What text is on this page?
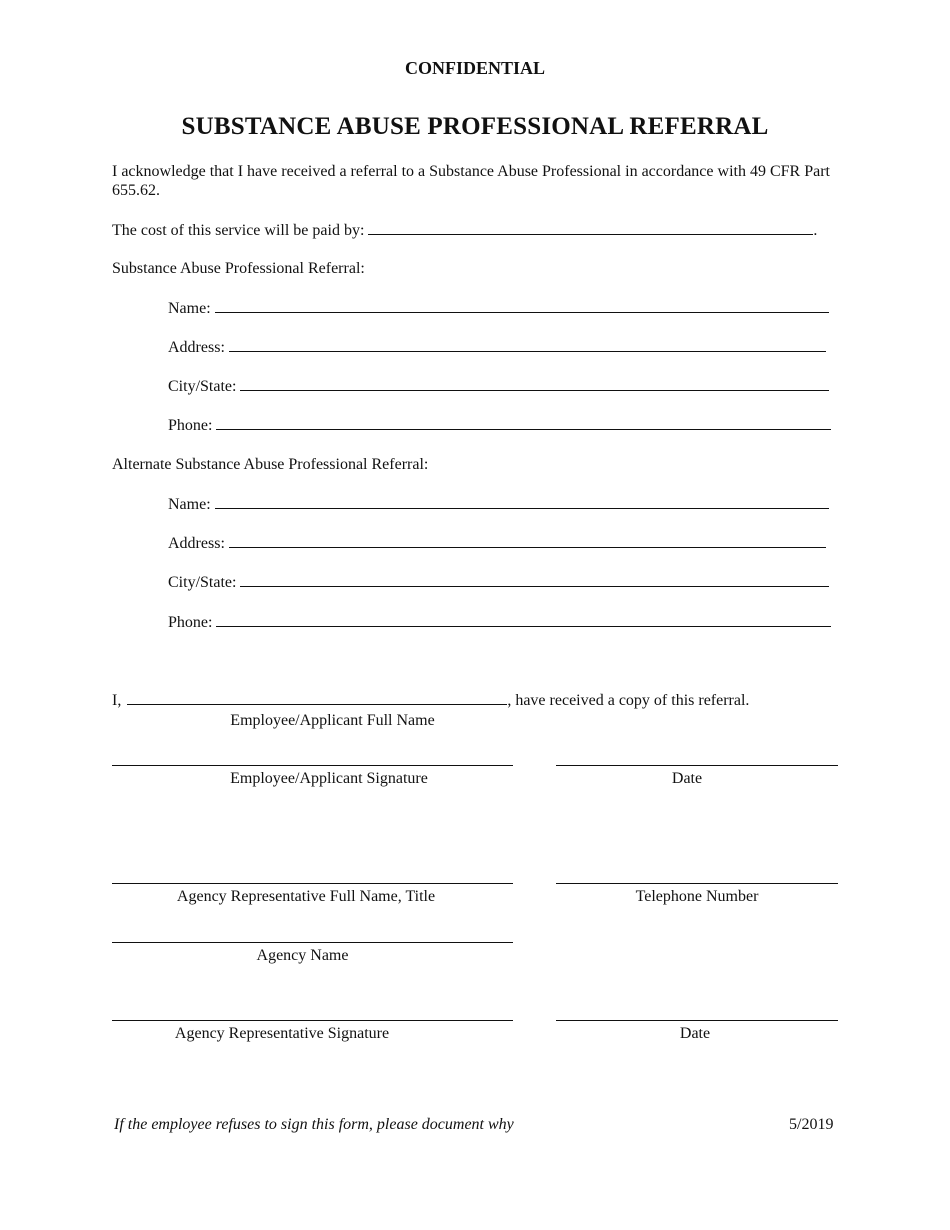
CONFIDENTIAL
SUBSTANCE ABUSE PROFESSIONAL REFERRAL
I acknowledge that I have received a referral to a Substance Abuse Professional in accordance with 49 CFR Part 655.62.
The cost of this service will be paid by:	.
Substance Abuse Professional Referral:
Name:
Address:
City/State:
Phone:
Alternate Substance Abuse Professional Referral:
Name:
Address:
City/State:
Phone:
I,	, have received a copy of this referral.
Employee/Applicant Full Name
Employee/Applicant Signature	Date
Agency Representative Full Name, Title	Telephone Number
Agency Name
Agency Representative Signature	Date
If the employee refuses to sign this form, please document why	5/2019
